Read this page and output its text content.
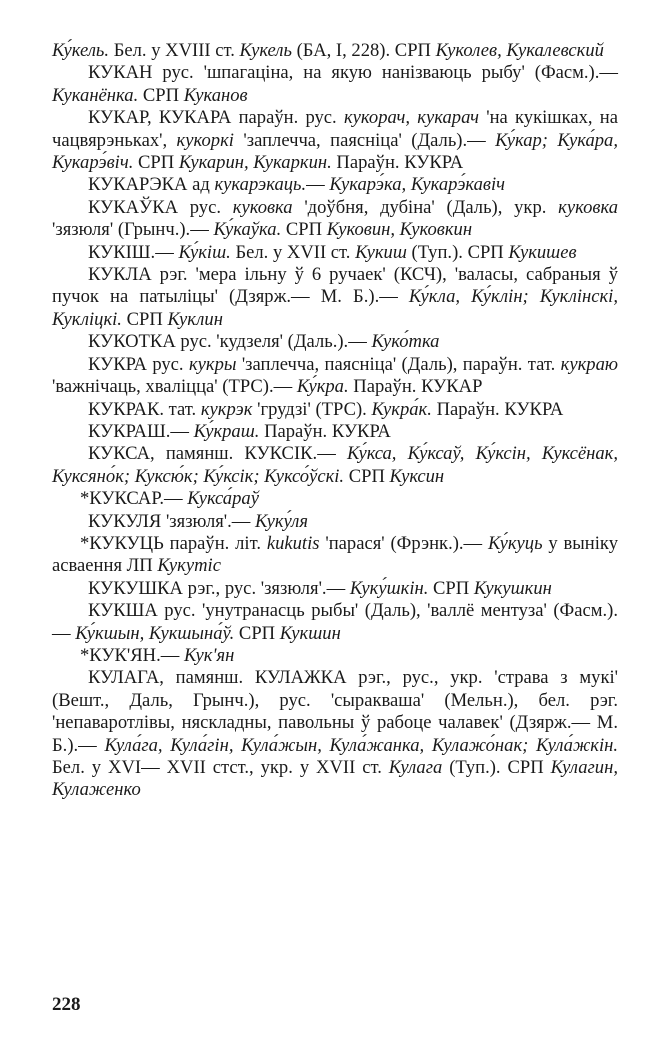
Ку́кель. Бел. у XVIII ст. Кукель (БА, I, 228). СРП Куколев, Кукалевский

КУКАН рус. 'шпагаціна, на якую нанізваюць рыбу' (Фасм.).— Куканёнка. СРП Куканов

КУКАР, КУКАРА параўн. рус. кукорач, кукарач 'на кукішках, на чацвярэньках', кукоркі 'заплечча, паясніца' (Даль).— Ку́кар; Кука́ра, Кукарэ́віч. СРП Кукарин, Кукаркин. Параўн. КУКРА

КУКАРЭКА ад кукарэкаць.— Кукарэ́ка, Кукарэ́кавіч

КУКАЎКА рус. куковка 'доўбня, дубіна' (Даль), укр. куковка 'зязюля' (Грынч.).— Ку́каўка. СРП Куковин, Куковкин

КУКІШ.— Ку́кіш. Бел. у XVII ст. Кукиш (Туп.). СРП Кукишев

КУКЛА рэг. 'мера ільну ў 6 ручаек' (КСЧ), 'валасы, сабраныя ў пучок на патыліцы' (Дзярж.— М. Б.).— Ку́кла, Ку́клін; Куклінскі, Кукліцкі. СРП Куклин

КУКОТКА рус. 'кудзеля' (Даль.).— Куко́тка

КУКРА рус. кукры 'заплечча, паясніца' (Даль), параўн. тат. кукраю 'важнічаць, хваліцца' (ТРС).— Ку́кра. Параўн. КУКАР

КУКРАК. тат. кукрэк 'грудзі' (ТРС). Кукра́к. Параўн. КУКРА

КУКРАШ.— Ку́краш. Параўн. КУКРА

КУКСА, памянш. КУКСІК.— Ку́кса, Ку́ксаў, Ку́ксін, Куксёнак, Куксяно́к; Куксю́к; Ку́ксік; Куксо́ўскі. СРП Куксин

*КУКСАР.— Кукса́раў

КУКУЛЯ 'зязюля'.— Куку́ля

*КУКУЦЬ параўн. літ. kukutis 'парася' (Фрэнк.).— Ку́куць у выніку асваення ЛП Кукутіс

КУКУШКА рэг., рус. 'зязюля'.— Куку́шкін. СРП Кукушкин

КУКША рус. 'унутранасць рыбы' (Даль), 'валлё ментуза' (Фасм.).— Ку́кшын, Кукшына́ў. СРП Кукшин

*КУК'ЯН.— Кук'ян

КУЛАГА, памянш. КУЛАЖКА рэг., рус., укр. 'страва з мукі' (Вешт., Даль, Грынч.), рус. 'сыракваша' (Мельн.), бел. рэг. 'непаваротлівы, няскладны, павольны ў рабоце чалавек' (Дзярж.— М. Б.).— Кула́га, Кула́гін, Кула́жын, Кула́жанка, Кулажо́нак; Кула́жкін. Бел. у XVI— XVII стст., укр. у XVII ст. Кулага (Туп.). СРП Кулагин, Кулаженко

228
